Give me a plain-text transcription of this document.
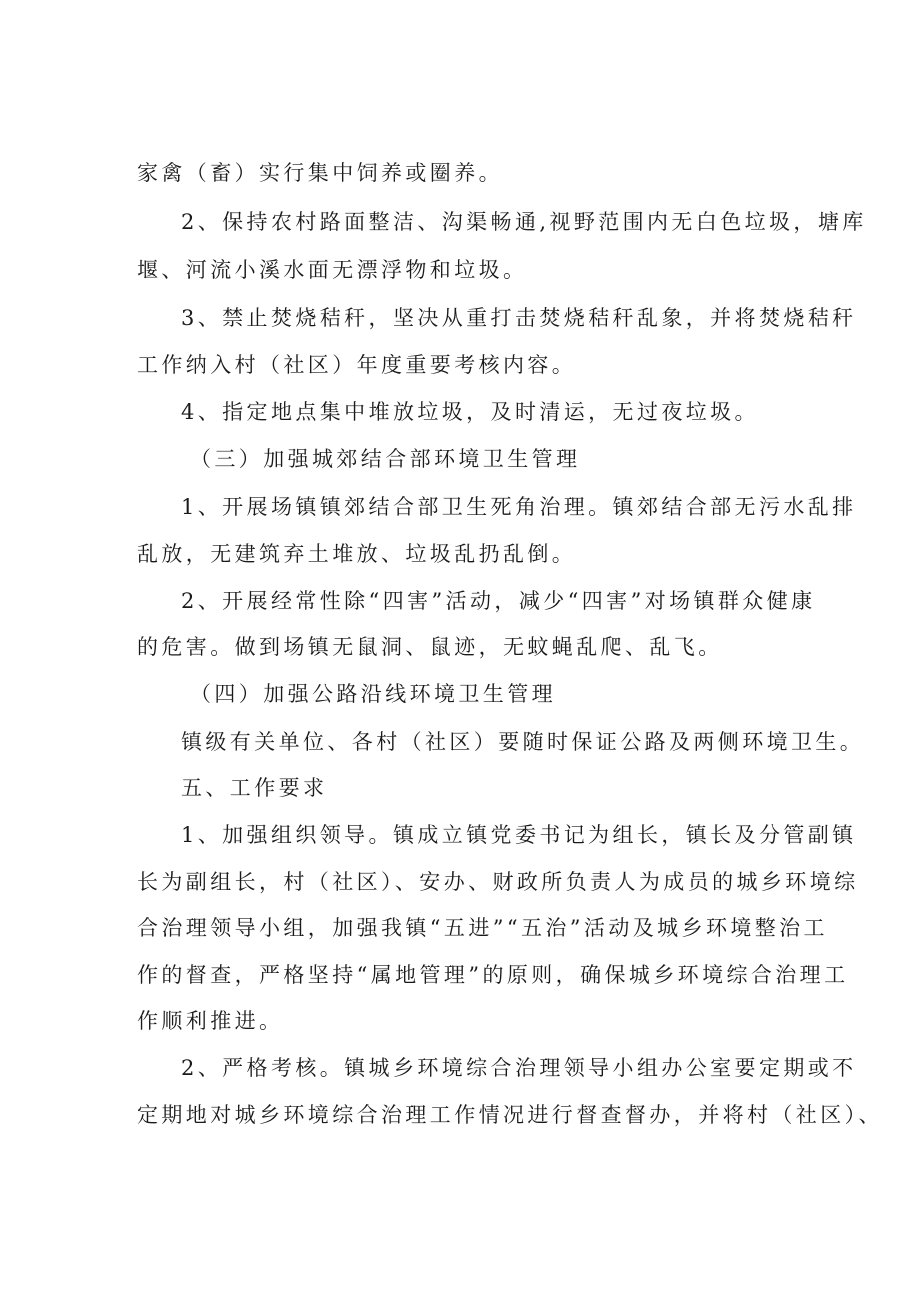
家禽（畜）实行集中饲养或圈养。
2、保持农村路面整洁、沟渠畅通,视野范围内无白色垃圾，塘库
堰、河流小溪水面无漂浮物和垃圾。
3、禁止焚烧秸秆，坚决从重打击焚烧秸秆乱象，并将焚烧秸秆
工作纳入村（社区）年度重要考核内容。
4、指定地点集中堆放垃圾，及时清运，无过夜垃圾。
（三）加强城郊结合部环境卫生管理
1、开展场镇镇郊结合部卫生死角治理。镇郊结合部无污水乱排
乱放，无建筑弃土堆放、垃圾乱扔乱倒。
2、开展经常性除“四害”活动，减少“四害”对场镇群众健康
的危害。做到场镇无鼠洞、鼠迹，无蚊蝇乱爬、乱飞。
（四）加强公路沿线环境卫生管理
镇级有关单位、各村（社区）要随时保证公路及两侧环境卫生。
五、工作要求
1、加强组织领导。镇成立镇党委书记为组长，镇长及分管副镇
长为副组长，村（社区）、安办、财政所负责人为成员的城乡环境综
合治理领导小组，加强我镇“五进”“五治”活动及城乡环境整治工
作的督查，严格坚持“属地管理”的原则，确保城乡环境综合治理工
作顺利推进。
2、严格考核。镇城乡环境综合治理领导小组办公室要定期或不
定期地对城乡环境综合治理工作情况进行督查督办，并将村（社区）、
